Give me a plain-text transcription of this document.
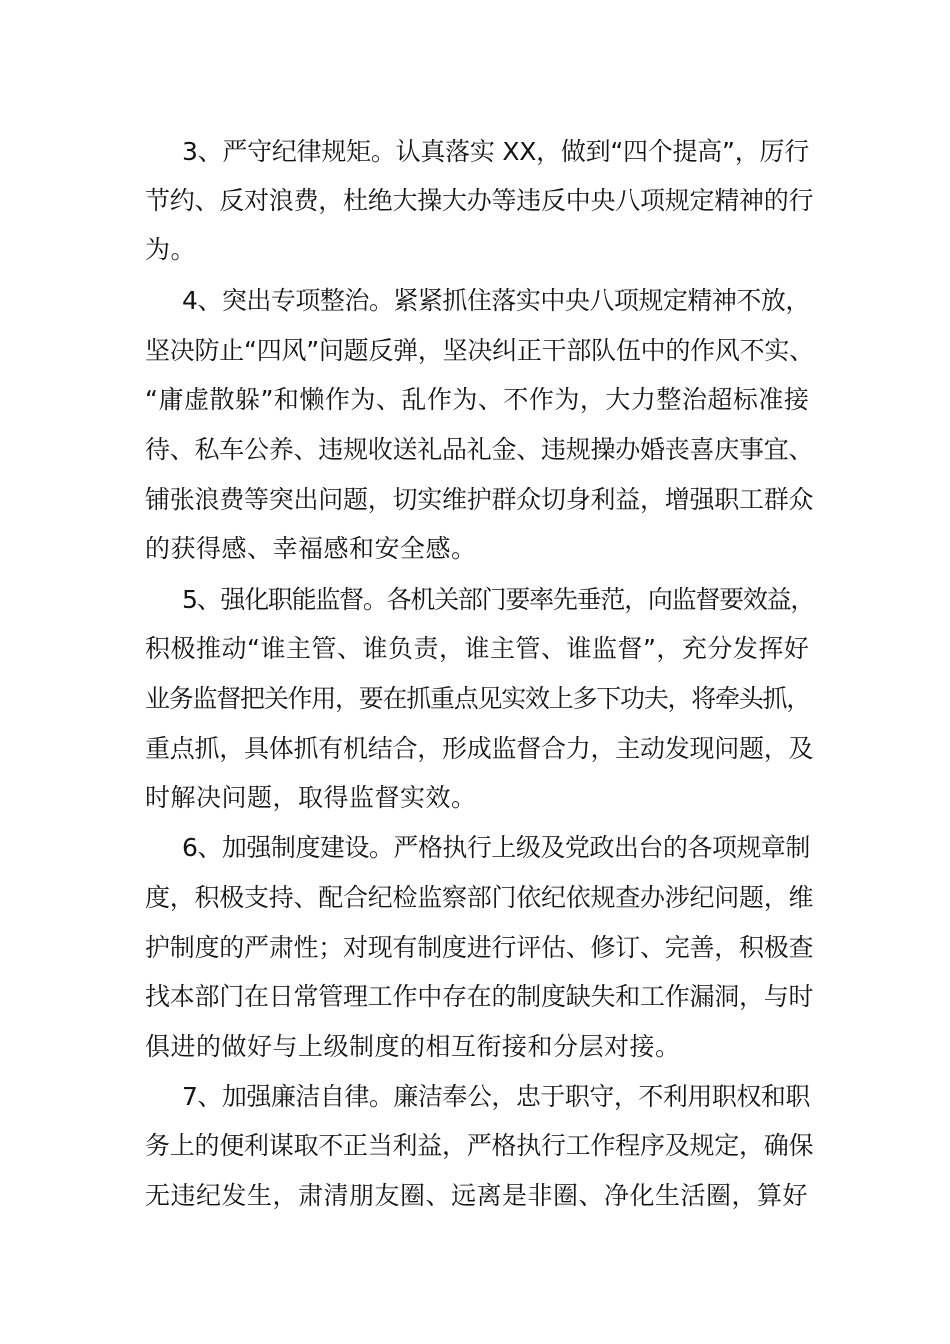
3、严守纪律规矩。认真落实 XX，做到“四个提高”，厉行
节约、反对浪费，杜绝大操大办等违反中央八项规定精神的行
为。
4、突出专项整治。紧紧抓住落实中央八项规定精神不放，
坚决防止“四风”问题反弹，坚决纠正干部队伍中的作风不实、
“庸虚散躲”和懒作为、乱作为、不作为，大力整治超标准接
待、私车公养、违规收送礼品礼金、违规操办婚丧喜庆事宜、
铺张浪费等突出问题，切实维护群众切身利益，增强职工群众
的获得感、幸福感和安全感。
5、强化职能监督。各机关部门要率先垂范，向监督要效益，
积极推动“谁主管、谁负责，谁主管、谁监督”，充分发挥好
业务监督把关作用，要在抓重点见实效上多下功夫，将牵头抓，
重点抓，具体抓有机结合，形成监督合力，主动发现问题，及
时解决问题，取得监督实效。
6、加强制度建设。严格执行上级及党政出台的各项规章制
度，积极支持、配合纪检监察部门依纪依规查办涉纪问题，维
护制度的严肃性；对现有制度进行评估、修订、完善，积极查
找本部门在日常管理工作中存在的制度缺失和工作漏洞，与时
俱进的做好与上级制度的相互衔接和分层对接。
7、加强廉洁自律。廉洁奉公，忠于职守，不利用职权和职
务上的便利谋取不正当利益，严格执行工作程序及规定，确保
无违纪发生，肃清朋友圈、远离是非圈、净化生活圈，算好
